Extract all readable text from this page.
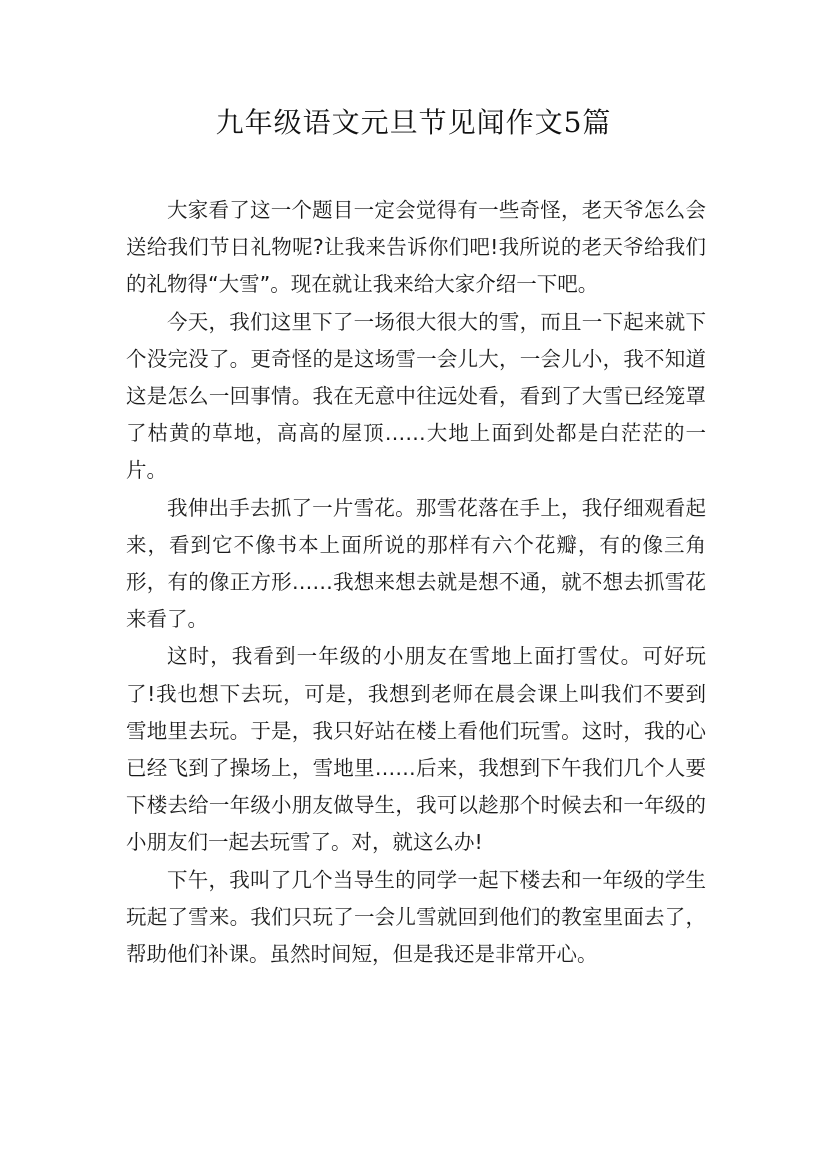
九年级语文元旦节见闻作文5篇

大家看了这一个题目一定会觉得有一些奇怪，老天爷怎么会送给我们节日礼物呢?让我来告诉你们吧!我所说的老天爷给我们的礼物得“大雪”。现在就让我来给大家介绍一下吧。

今天，我们这里下了一场很大很大的雪，而且一下起来就下个没完没了。更奇怪的是这场雪一会儿大，一会儿小，我不知道这是怎么一回事情。我在无意中往远处看，看到了大雪已经笼罩了枯黄的草地，高高的屋顶……大地上面到处都是白茫茫的一片。

我伸出手去抓了一片雪花。那雪花落在手上，我仔细观看起来，看到它不像书本上面所说的那样有六个花瓣，有的像三角形，有的像正方形……我想来想去就是想不通，就不想去抓雪花来看了。

这时，我看到一年级的小朋友在雪地上面打雪仗。可好玩了!我也想下去玩，可是，我想到老师在晨会课上叫我们不要到雪地里去玩。于是，我只好站在楼上看他们玩雪。这时，我的心已经飞到了操场上，雪地里……后来，我想到下午我们几个人要下楼去给一年级小朋友做导生，我可以趁那个时候去和一年级的小朋友们一起去玩雪了。对，就这么办!

下午，我叫了几个当导生的同学一起下楼去和一年级的学生玩起了雪来。我们只玩了一会儿雪就回到他们的教室里面去了，帮助他们补课。虽然时间短，但是我还是非常开心。
